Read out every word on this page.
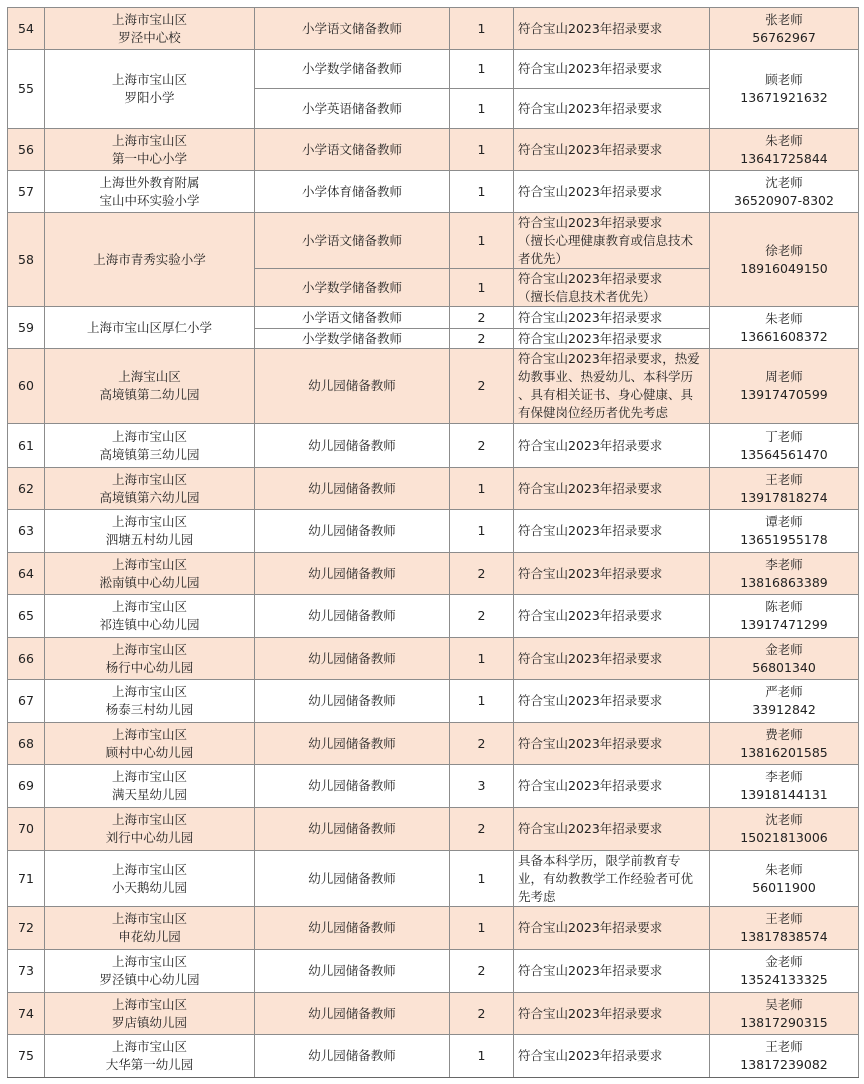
54	上海市宝山区
罗泾中心校	小学语文储备教师	1	符合宝山2023年招录要求	张老师
56762967
55	上海市宝山区
罗阳小学	小学数学储备教师	1	符合宝山2023年招录要求	顾老师
13671921632
		小学英语储备教师	1	符合宝山2023年招录要求	
56	上海市宝山区
第一中心小学	小学语文储备教师	1	符合宝山2023年招录要求	朱老师
13641725844
57	上海世外教育附属
宝山中环实验小学	小学体育储备教师	1	符合宝山2023年招录要求	沈老师
36520907-8302
58	上海市青秀实验小学	小学语文储备教师	1	符合宝山2023年招录要求
（擅长心理健康教育或信息技术
者优先）	徐老师
18916049150
		小学数学储备教师	1	符合宝山2023年招录要求
（擅长信息技术者优先）	
59	上海市宝山区厚仁小学	小学语文储备教师	2	符合宝山2023年招录要求	朱老师
13661608372
		小学数学储备教师	2	符合宝山2023年招录要求	
60	上海宝山区
高境镇第二幼儿园	幼儿园储备教师	2	符合宝山2023年招录要求，热爱
幼教事业、热爱幼儿、本科学历
、具有相关证书、身心健康、具
有保健岗位经历者优先考虑	周老师
13917470599
61	上海市宝山区
高境镇第三幼儿园	幼儿园储备教师	2	符合宝山2023年招录要求	丁老师
13564561470
62	上海市宝山区
高境镇第六幼儿园	幼儿园储备教师	1	符合宝山2023年招录要求	王老师
13917818274
63	上海市宝山区
泗塘五村幼儿园	幼儿园储备教师	1	符合宝山2023年招录要求	谭老师
13651955178
64	上海市宝山区
淞南镇中心幼儿园	幼儿园储备教师	2	符合宝山2023年招录要求	李老师
13816863389
65	上海市宝山区
祁连镇中心幼儿园	幼儿园储备教师	2	符合宝山2023年招录要求	陈老师
13917471299
66	上海市宝山区
杨行中心幼儿园	幼儿园储备教师	1	符合宝山2023年招录要求	金老师
56801340
67	上海市宝山区
杨泰三村幼儿园	幼儿园储备教师	1	符合宝山2023年招录要求	严老师
33912842
68	上海市宝山区
顾村中心幼儿园	幼儿园储备教师	2	符合宝山2023年招录要求	费老师
13816201585
69	上海市宝山区
满天星幼儿园	幼儿园储备教师	3	符合宝山2023年招录要求	李老师
13918144131
70	上海市宝山区
刘行中心幼儿园	幼儿园储备教师	2	符合宝山2023年招录要求	沈老师
15021813006
71	上海市宝山区
小天鹅幼儿园	幼儿园储备教师	1	具备本科学历，限学前教育专
业，有幼教教学工作经验者可优
先考虑	朱老师
56011900
72	上海市宝山区
申花幼儿园	幼儿园储备教师	1	符合宝山2023年招录要求	王老师
13817838574
73	上海市宝山区
罗泾镇中心幼儿园	幼儿园储备教师	2	符合宝山2023年招录要求	金老师
13524133325
74	上海市宝山区
罗店镇幼儿园	幼儿园储备教师	2	符合宝山2023年招录要求	吴老师
13817290315
75	上海市宝山区
大华第一幼儿园	幼儿园储备教师	1	符合宝山2023年招录要求	王老师
13817239082
